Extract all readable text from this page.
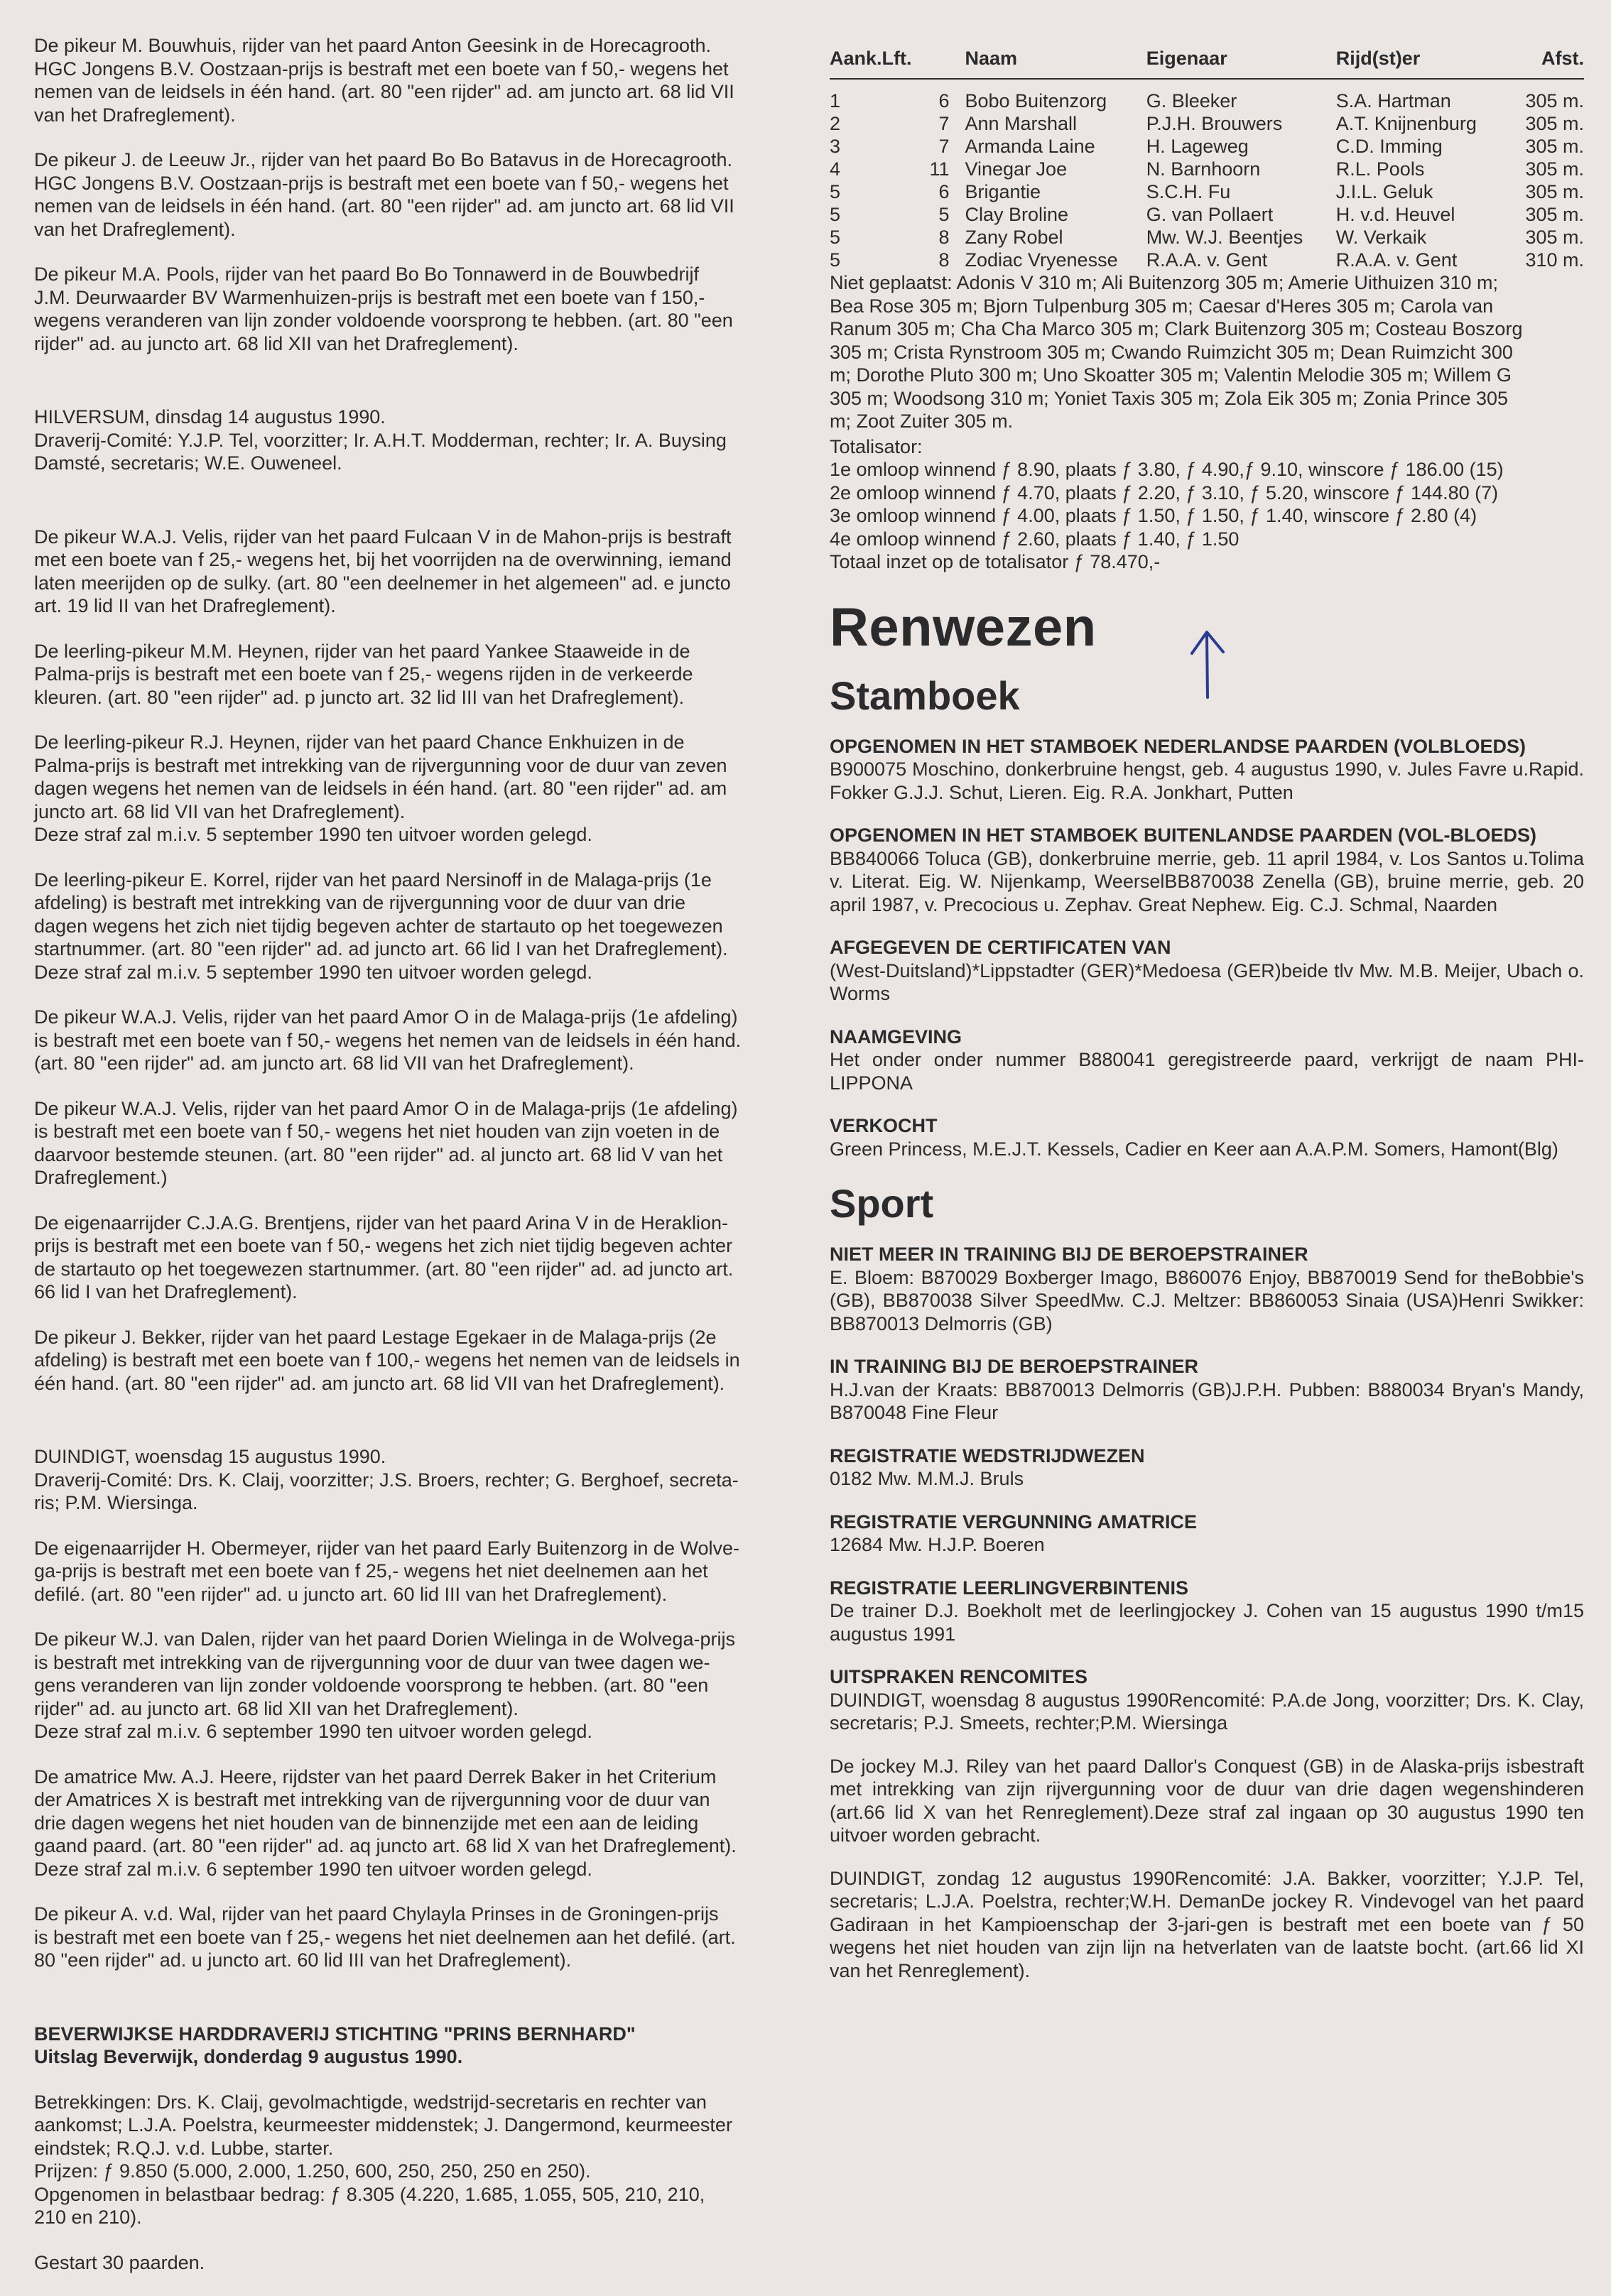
De pikeur M. Bouwhuis, rijder van het paard Anton Geesink in de Horecagrooth.
HGC Jongens B.V. Oostzaan-prijs is bestraft met een boete van f 50,- wegens het
nemen van de leidsels in één hand. (art. 80 "een rijder" ad. am juncto art. 68 lid VII
van het Drafreglement).

De pikeur J. de Leeuw Jr., rijder van het paard Bo Bo Batavus in de Horecagrooth.
HGC Jongens B.V. Oostzaan-prijs is bestraft met een boete van f 50,- wegens het
nemen van de leidsels in één hand. (art. 80 "een rijder" ad. am juncto art. 68 lid VII
van het Drafreglement).

De pikeur M.A. Pools, rijder van het paard Bo Bo Tonnawerd in de Bouwbedrijf
J.M. Deurwaarder BV Warmenhuizen-prijs is bestraft met een boete van f 150,-
wegens veranderen van lijn zonder voldoende voorsprong te hebben. (art. 80 "een
rijder" ad. au juncto art. 68 lid XII van het Drafreglement).

HILVERSUM, dinsdag 14 augustus 1990.
Draverij-Comité: Y.J.P. Tel, voorzitter; Ir. A.H.T. Modderman, rechter; Ir. A. Buysing
Damsté, secretaris; W.E. Ouweneel.

De pikeur W.A.J. Velis, rijder van het paard Fulcaan V in de Mahon-prijs is bestraft
met een boete van f 25,- wegens het, bij het voorrijden na de overwinning, iemand
laten meerijden op de sulky. (art. 80 "een deelnemer in het algemeen" ad. e juncto
art. 19 lid II van het Drafreglement).

De leerling-pikeur M.M. Heynen, rijder van het paard Yankee Staaweide in de
Palma-prijs is bestraft met een boete van f 25,- wegens rijden in de verkeerde
kleuren. (art. 80 "een rijder" ad. p juncto art. 32 lid III van het Drafreglement).

De leerling-pikeur R.J. Heynen, rijder van het paard Chance Enkhuizen in de
Palma-prijs is bestraft met intrekking van de rijvergunning voor de duur van zeven
dagen wegens het nemen van de leidsels in één hand. (art. 80 "een rijder" ad. am
juncto art. 68 lid VII van het Drafreglement).
Deze straf zal m.i.v. 5 september 1990 ten uitvoer worden gelegd.

De leerling-pikeur E. Korrel, rijder van het paard Nersinoff in de Malaga-prijs (1e
afdeling) is bestraft met intrekking van de rijvergunning voor de duur van drie
dagen wegens het zich niet tijdig begeven achter de startauto op het toegewezen
startnummer. (art. 80 "een rijder" ad. ad juncto art. 66 lid I van het Drafreglement).
Deze straf zal m.i.v. 5 september 1990 ten uitvoer worden gelegd.

De pikeur W.A.J. Velis, rijder van het paard Amor O in de Malaga-prijs (1e afdeling)
is bestraft met een boete van f 50,- wegens het nemen van de leidsels in één hand.
(art. 80 "een rijder" ad. am juncto art. 68 lid VII van het Drafreglement).

De pikeur W.A.J. Velis, rijder van het paard Amor O in de Malaga-prijs (1e afdeling)
is bestraft met een boete van f 50,- wegens het niet houden van zijn voeten in de
daarvoor bestemde steunen. (art. 80 "een rijder" ad. al juncto art. 68 lid V van het
Drafreglement.)

De eigenaarrijder C.J.A.G. Brentjens, rijder van het paard Arina V in de Heraklion-
prijs is bestraft met een boete van f 50,- wegens het zich niet tijdig begeven achter
de startauto op het toegewezen startnummer. (art. 80 "een rijder" ad. ad juncto art.
66 lid I van het Drafreglement).

De pikeur J. Bekker, rijder van het paard Lestage Egekaer in de Malaga-prijs (2e
afdeling) is bestraft met een boete van f 100,- wegens het nemen van de leidsels in
één hand. (art. 80 "een rijder" ad. am juncto art. 68 lid VII van het Drafreglement).

DUINDIGT, woensdag 15 augustus 1990.
Draverij-Comité: Drs. K. Claij, voorzitter; J.S. Broers, rechter; G. Berghoef, secreta-
ris; P.M. Wiersinga.

De eigenaarrijder H. Obermeyer, rijder van het paard Early Buitenzorg in de Wolve-
ga-prijs is bestraft met een boete van f 25,- wegens het niet deelnemen aan het
defilé. (art. 80 "een rijder" ad. u juncto art. 60 lid III van het Drafreglement).

De pikeur W.J. van Dalen, rijder van het paard Dorien Wielinga in de Wolvega-prijs
is bestraft met intrekking van de rijvergunning voor de duur van twee dagen we-
gens veranderen van lijn zonder voldoende voorsprong te hebben. (art. 80 "een
rijder" ad. au juncto art. 68 lid XII van het Drafreglement).
Deze straf zal m.i.v. 6 september 1990 ten uitvoer worden gelegd.

De amatrice Mw. A.J. Heere, rijdster van het paard Derrek Baker in het Criterium
der Amatrices X is bestraft met intrekking van de rijvergunning voor de duur van
drie dagen wegens het niet houden van de binnenzijde met een aan de leiding
gaand paard. (art. 80 "een rijder" ad. aq juncto art. 68 lid X van het Drafreglement).
Deze straf zal m.i.v. 6 september 1990 ten uitvoer worden gelegd.

De pikeur A. v.d. Wal, rijder van het paard Chylayla Prinses in de Groningen-prijs
is bestraft met een boete van f 25,- wegens het niet deelnemen aan het defilé. (art.
80 "een rijder" ad. u juncto art. 60 lid III van het Drafreglement).

BEVERWIJKSE HARDDRAVERIJ STICHTING "PRINS BERNHARD"
Uitslag Beverwijk, donderdag 9 augustus 1990.

Betrekkingen: Drs. K. Claij, gevolmachtigde, wedstrijd-secretaris en rechter van
aankomst; L.J.A. Poelstra, keurmeester middenstek; J. Dangermond, keurmeester
eindstek; R.Q.J. v.d. Lubbe, starter.
Prijzen: ƒ 9.850 (5.000, 2.000, 1.250, 600, 250, 250, 250 en 250).
Opgenomen in belastbaar bedrag: ƒ 8.305 (4.220, 1.685, 1.055, 505, 210, 210,
210 en 210).

Gestart 30 paarden.

Aank.	Lft.	Naam	Eigenaar	Rijd(st)er	Afst.
1	6	Bobo Buitenzorg	G. Bleeker	S.A. Hartman	305 m.
2	7	Ann Marshall	P.J.H. Brouwers	A.T. Knijnenburg	305 m.
3	7	Armanda Laine	H. Lageweg	C.D. Imming	305 m.
4	11	Vinegar Joe	N. Barnhoorn	R.L. Pools	305 m.
5	6	Brigantie	S.C.H. Fu	J.I.L. Geluk	305 m.
5	5	Clay Broline	G. van Pollaert	H. v.d. Heuvel	305 m.
5	8	Zany Robel	Mw. W.J. Beentjes	W. Verkaik	305 m.
5	8	Zodiac Vryenesse	R.A.A. v. Gent	R.A.A. v. Gent	310 m.

Niet geplaatst: Adonis V 310 m; Ali Buitenzorg 305 m; Amerie Uithuizen 310 m;
Bea Rose 305 m; Bjorn Tulpenburg 305 m; Caesar d'Heres 305 m; Carola van
Ranum 305 m; Cha Cha Marco 305 m; Clark Buitenzorg 305 m; Costeau Boszorg
305 m; Crista Rynstroom 305 m; Cwando Ruimzicht 305 m; Dean Ruimzicht 300
m; Dorothe Pluto 300 m; Uno Skoatter 305 m; Valentin Melodie 305 m; Willem G
305 m; Woodsong 310 m; Yoniet Taxis 305 m; Zola Eik 305 m; Zonia Prince 305
m; Zoot Zuiter 305 m.

Totalisator:
1e omloop winnend ƒ 8.90, plaats ƒ 3.80, ƒ 4.90,ƒ 9.10, winscore ƒ 186.00 (15)
2e omloop winnend ƒ 4.70, plaats ƒ 2.20, ƒ 3.10, ƒ 5.20, winscore ƒ 144.80 (7)
3e omloop winnend ƒ 4.00, plaats ƒ 1.50, ƒ 1.50, ƒ 1.40, winscore ƒ 2.80 (4)
4e omloop winnend ƒ 2.60, plaats ƒ 1.40, ƒ 1.50
Totaal inzet op de totalisator ƒ 78.470,-

Renwezen
Stamboek
OPGENOMEN IN HET STAMBOEK NEDERLANDSE PAARDEN (VOLBLOEDS)
B900075 Moschino, donkerbruine hengst, geb. 4 augustus 1990, v. Jules Favre u.Rapid. Fokker G.J.J. Schut, Lieren. Eig. R.A. Jonkhart, Putten
OPGENOMEN IN HET STAMBOEK BUITENLANDSE PAARDEN (VOL-BLOEDS)
BB840066 Toluca (GB), donkerbruine merrie, geb. 11 april 1984, v. Los Santos u.Tolima v. Literat. Eig. W. Nijenkamp, WeerselBB870038 Zenella (GB), bruine merrie, geb. 20 april 1987, v. Precocious u. Zephav. Great Nephew. Eig. C.J. Schmal, Naarden
AFGEGEVEN DE CERTIFICATEN VAN
(West-Duitsland)*Lippstadter (GER)*Medoesa (GER)beide tlv Mw. M.B. Meijer, Ubach o. Worms
NAAMGEVING
Het onder onder nummer B880041 geregistreerde paard, verkrijgt de naam PHI-LIPPONA
VERKOCHT
Green Princess, M.E.J.T. Kessels, Cadier en Keer aan A.A.P.M. Somers, Hamont(Blg)
Sport
NIET MEER IN TRAINING BIJ DE BEROEPSTRAINER
E. Bloem: B870029 Boxberger Imago, B860076 Enjoy, BB870019 Send for theBobbie's (GB), BB870038 Silver SpeedMw. C.J. Meltzer: BB860053 Sinaia (USA)Henri Swikker: BB870013 Delmorris (GB)
IN TRAINING BIJ DE BEROEPSTRAINER
H.J.van der Kraats: BB870013 Delmorris (GB)J.P.H. Pubben: B880034 Bryan's Mandy, B870048 Fine Fleur
REGISTRATIE WEDSTRIJDWEZEN
0182 Mw. M.M.J. Bruls
REGISTRATIE VERGUNNING AMATRICE
12684 Mw. H.J.P. Boeren
REGISTRATIE LEERLINGVERBINTENIS
De trainer D.J. Boekholt met de leerlingjockey J. Cohen van 15 augustus 1990 t/m15 augustus 1991
UITSPRAKEN RENCOMITES
DUINDIGT, woensdag 8 augustus 1990Rencomité: P.A.de Jong, voorzitter; Drs. K. Clay, secretaris; P.J. Smeets, rechter;P.M. Wiersinga
De jockey M.J. Riley van het paard Dallor's Conquest (GB) in de Alaska-prijs isbestraft met intrekking van zijn rijvergunning voor de duur van drie dagen wegenshinderen (art.66 lid X van het Renreglement).Deze straf zal ingaan op 30 augustus 1990 ten uitvoer worden gebracht.
DUINDIGT, zondag 12 augustus 1990Rencomité: J.A. Bakker, voorzitter; Y.J.P. Tel, secretaris; L.J.A. Poelstra, rechter;W.H. DemanDe jockey R. Vindevogel van het paard Gadiraan in het Kampioenschap der 3-jari-gen is bestraft met een boete van ƒ 50 wegens het niet houden van zijn lijn na hetverlaten van de laatste bocht. (art.66 lid XI van het Renreglement).
